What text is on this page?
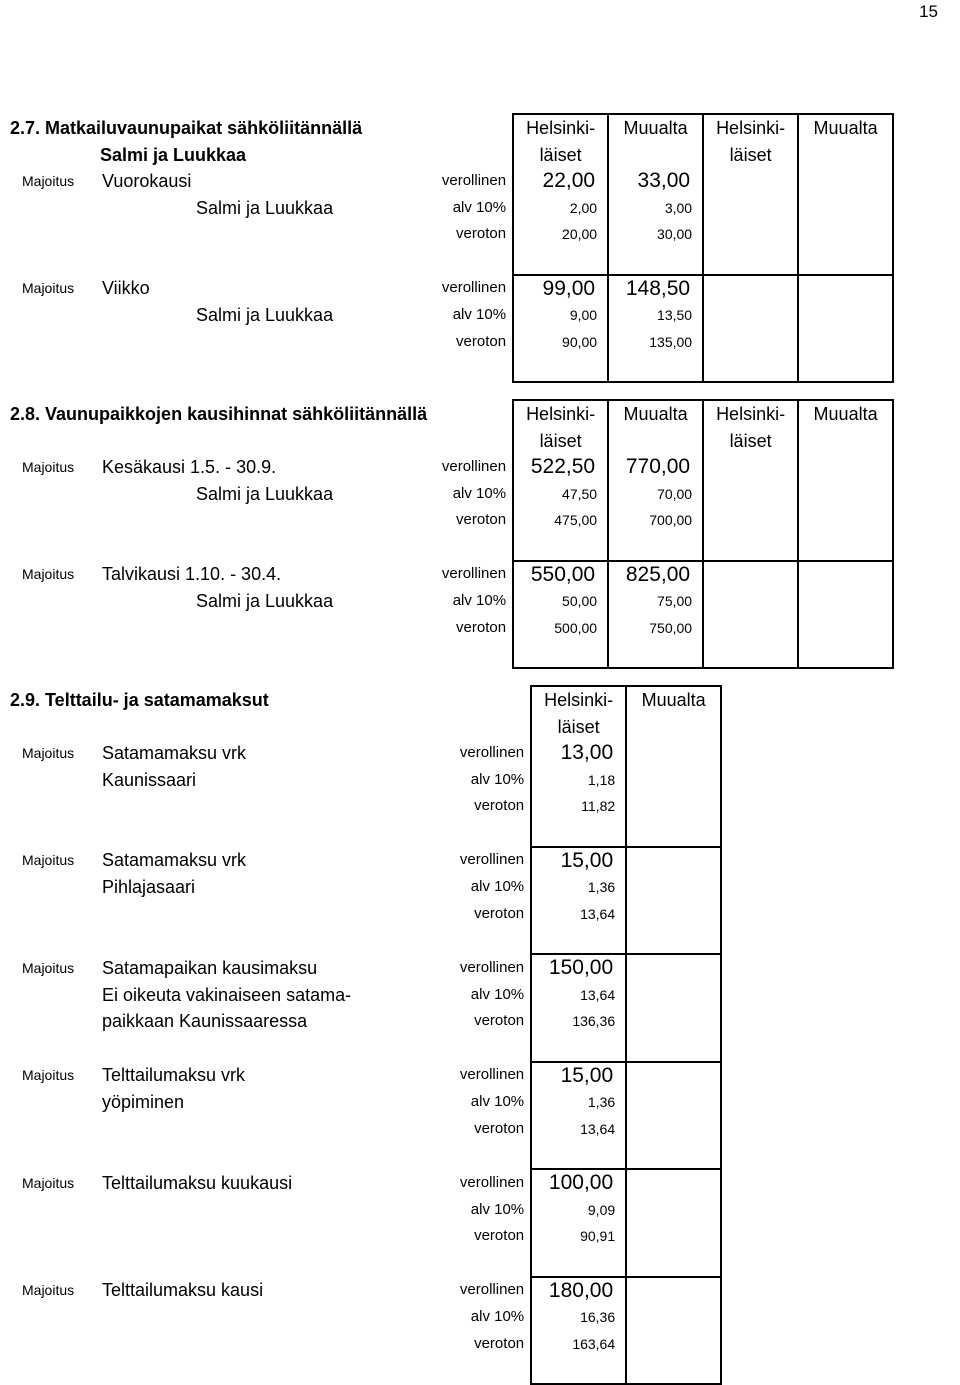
15
2.7. Matkailuvaunupaikat sähköliitännällä			Helsinki-	Muualta	Helsinki-	Muualta
Salmi ja Luukkaa			läiset		läiset	
Majoitus	Vuorokausi	verollinen	22,00	33,00		
	Salmi ja Luukkaa	alv 10%	2,00	3,00		
		veroton	20,00	30,00		

Majoitus	Viikko	verollinen	99,00	148,50		
	Salmi ja Luukkaa	alv 10%	9,00	13,50		
		veroton	90,00	135,00		

2.8. Vaunupaikkojen kausihinnat sähköliitännällä			Helsinki-	Muualta	Helsinki-	Muualta
			läiset		läiset	
Majoitus	Kesäkausi 1.5. - 30.9.	verollinen	522,50	770,00		
	Salmi ja Luukkaa	alv 10%	47,50	70,00		
		veroton	475,00	700,00		

Majoitus	Talvikausi 1.10. - 30.4.	verollinen	550,00	825,00		
	Salmi ja Luukkaa	alv 10%	50,00	75,00		
		veroton	500,00	750,00		

2.9. Telttailu- ja satamamaksut			Helsinki-	Muualta
			läiset	
Majoitus	Satamamaksu vrk	verollinen	13,00	
	Kaunissaari	alv 10%	1,18	
		veroton	11,82	

Majoitus	Satamamaksu vrk	verollinen	15,00	
	Pihlajasaari	alv 10%	1,36	
		veroton	13,64	

Majoitus	Satamapaikan kausimaksu	verollinen	150,00	
	Ei oikeuta vakinaiseen satama-	alv 10%	13,64	
	paikkaan Kaunissaaressa	veroton	136,36	

Majoitus	Telttailumaksu vrk	verollinen	15,00	
	yöpiminen	alv 10%	1,36	
		veroton	13,64	

Majoitus	Telttailumaksu kuukausi	verollinen	100,00	
		alv 10%	9,09	
		veroton	90,91	

Majoitus	Telttailumaksu kausi	verollinen	180,00	
		alv 10%	16,36	
		veroton	163,64	
